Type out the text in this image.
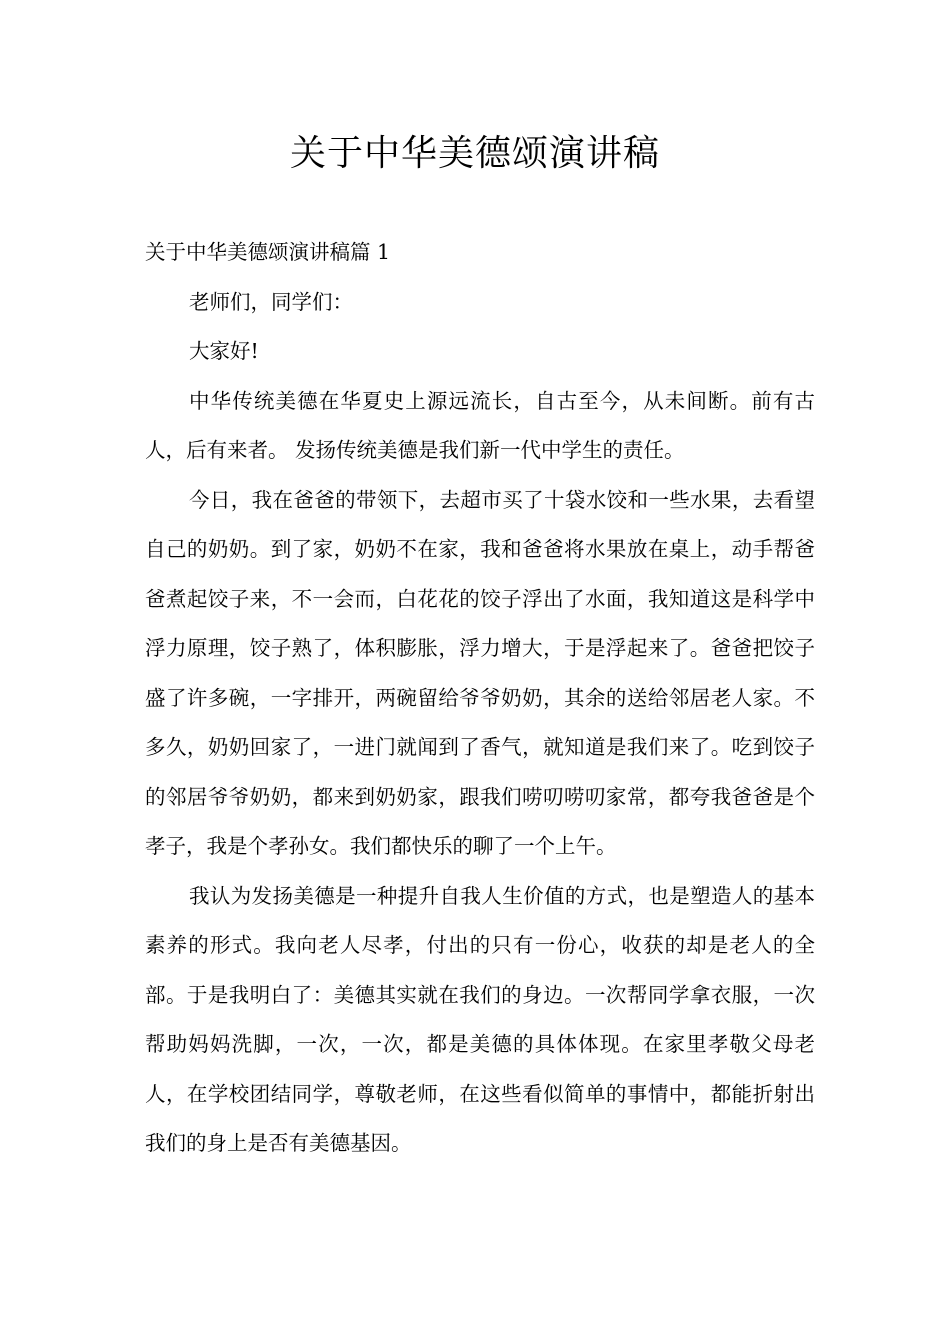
关于中华美德颂演讲稿

关于中华美德颂演讲稿篇 1

老师们，同学们：

大家好!

中华传统美德在华夏史上源远流长，自古至今，从未间断。前有古人，后有来者。 发扬传统美德是我们新一代中学生的责任。

今日，我在爸爸的带领下，去超市买了十袋水饺和一些水果，去看望自己的奶奶。到了家，奶奶不在家，我和爸爸将水果放在桌上，动手帮爸爸煮起饺子来，不一会而，白花花的饺子浮出了水面，我知道这是科学中浮力原理，饺子熟了，体积膨胀，浮力增大，于是浮起来了。爸爸把饺子盛了许多碗，一字排开，两碗留给爷爷奶奶，其余的送给邻居老人家。不多久，奶奶回家了，一进门就闻到了香气，就知道是我们来了。吃到饺子的邻居爷爷奶奶，都来到奶奶家，跟我们唠叨唠叨家常，都夸我爸爸是个孝子，我是个孝孙女。我们都快乐的聊了一个上午。

我认为发扬美德是一种提升自我人生价值的方式，也是塑造人的基本素养的形式。我向老人尽孝，付出的只有一份心，收获的却是老人的全部。于是我明白了：美德其实就在我们的身边。一次帮同学拿衣服，一次帮助妈妈洗脚，一次，一次，都是美德的具体体现。在家里孝敬父母老人，在学校团结同学，尊敬老师，在这些看似简单的事情中，都能折射出我们的身上是否有美德基因。
